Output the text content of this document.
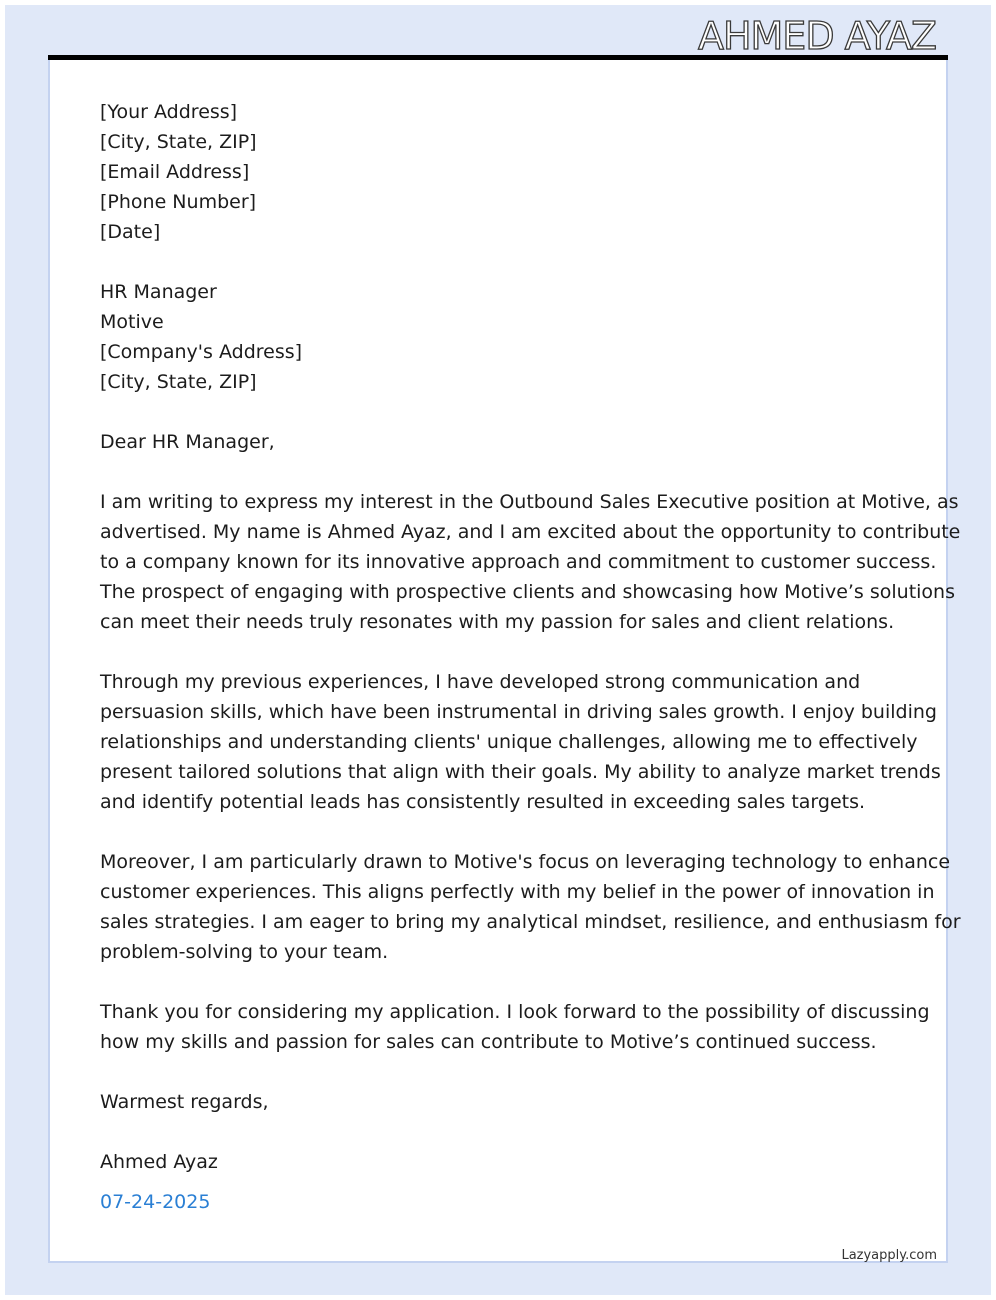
AHMED AYAZ
[Your Address]
[City, State, ZIP]
[Email Address]
[Phone Number]
[Date]
HR Manager
Motive
[Company's Address]
[City, State, ZIP]
Dear HR Manager,
I am writing to express my interest in the Outbound Sales Executive position at Motive, as
advertised. My name is Ahmed Ayaz, and I am excited about the opportunity to contribute
to a company known for its innovative approach and commitment to customer success.
The prospect of engaging with prospective clients and showcasing how Motive’s solutions
can meet their needs truly resonates with my passion for sales and client relations.
Through my previous experiences, I have developed strong communication and
persuasion skills, which have been instrumental in driving sales growth. I enjoy building
relationships and understanding clients' unique challenges, allowing me to effectively
present tailored solutions that align with their goals. My ability to analyze market trends
and identify potential leads has consistently resulted in exceeding sales targets.
Moreover, I am particularly drawn to Motive's focus on leveraging technology to enhance
customer experiences. This aligns perfectly with my belief in the power of innovation in
sales strategies. I am eager to bring my analytical mindset, resilience, and enthusiasm for
problem-solving to your team.
Thank you for considering my application. I look forward to the possibility of discussing
how my skills and passion for sales can contribute to Motive’s continued success.
Warmest regards,
Ahmed Ayaz
07-24-2025
Lazyapply.com
